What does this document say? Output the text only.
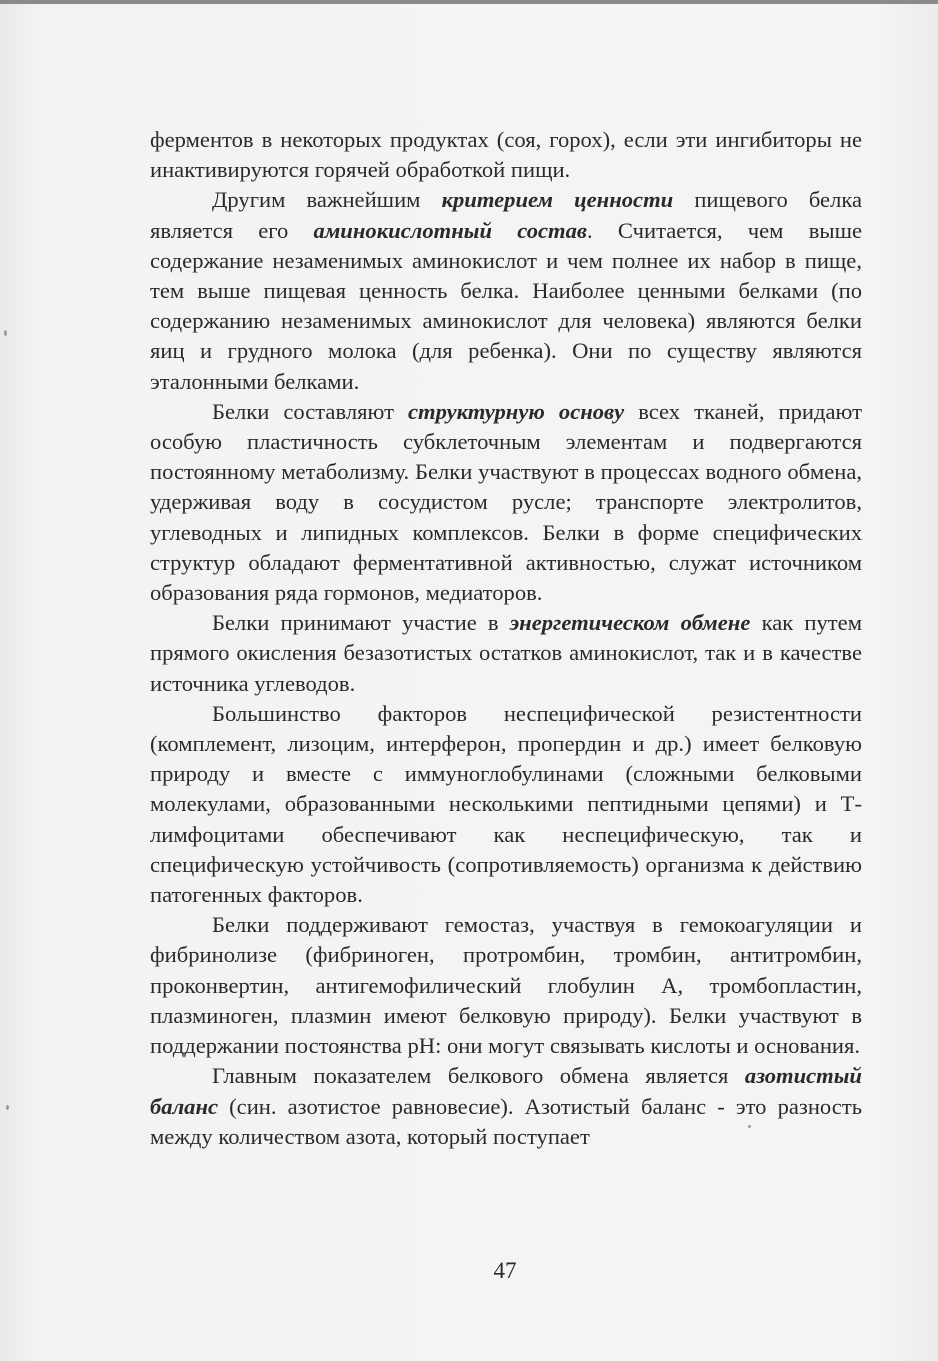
ферментов в некоторых продуктах (соя, горох), если эти ингибиторы не инактивируются горячей обработкой пищи.

Другим важнейшим критерием ценности пищевого белка является его аминокислотный состав. Считается, чем выше содержание незаменимых аминокислот и чем полнее их набор в пище, тем выше пищевая ценность белка. Наиболее ценными белками (по содержанию незаменимых аминокислот для человека) являются белки яиц и грудного молока (для ребенка). Они по существу являются эталонными белками.

Белки составляют структурную основу всех тканей, придают особую пластичность субклеточным элементам и подвергаются постоянному метаболизму. Белки участвуют в процессах водного обмена, удерживая воду в сосудистом русле; транспорте электролитов, углеводных и липидных комплексов. Белки в форме специфических структур обладают ферментативной активностью, служат источником образования ряда гормонов, медиаторов.

Белки принимают участие в энергетическом обмене как путем прямого окисления безазотистых остатков аминокислот, так и в качестве источника углеводов.

Большинство факторов неспецифической резистентности (комплемент, лизоцим, интерферон, пропердин и др.) имеет белковую природу и вместе с иммуноглобулинами (сложными белковыми молекулами, образованными несколькими пептидными цепями) и Т-лимфоцитами обеспечивают как неспецифическую, так и специфическую устойчивость (сопротивляемость) организма к действию патогенных факторов.

Белки поддерживают гемостаз, участвуя в гемокоагуляции и фибринолизе (фибриноген, протромбин, тромбин, антитромбин, проконвертин, антигемофилический глобулин А, тромбопластин, плазминоген, плазмин имеют белковую природу). Белки участвуют в поддержании постоянства pH: они могут связывать кислоты и основания.

Главным показателем белкового обмена является азотистый баланс (син. азотистое равновесие). Азотистый баланс - это разность между количеством азота, который поступает

47
